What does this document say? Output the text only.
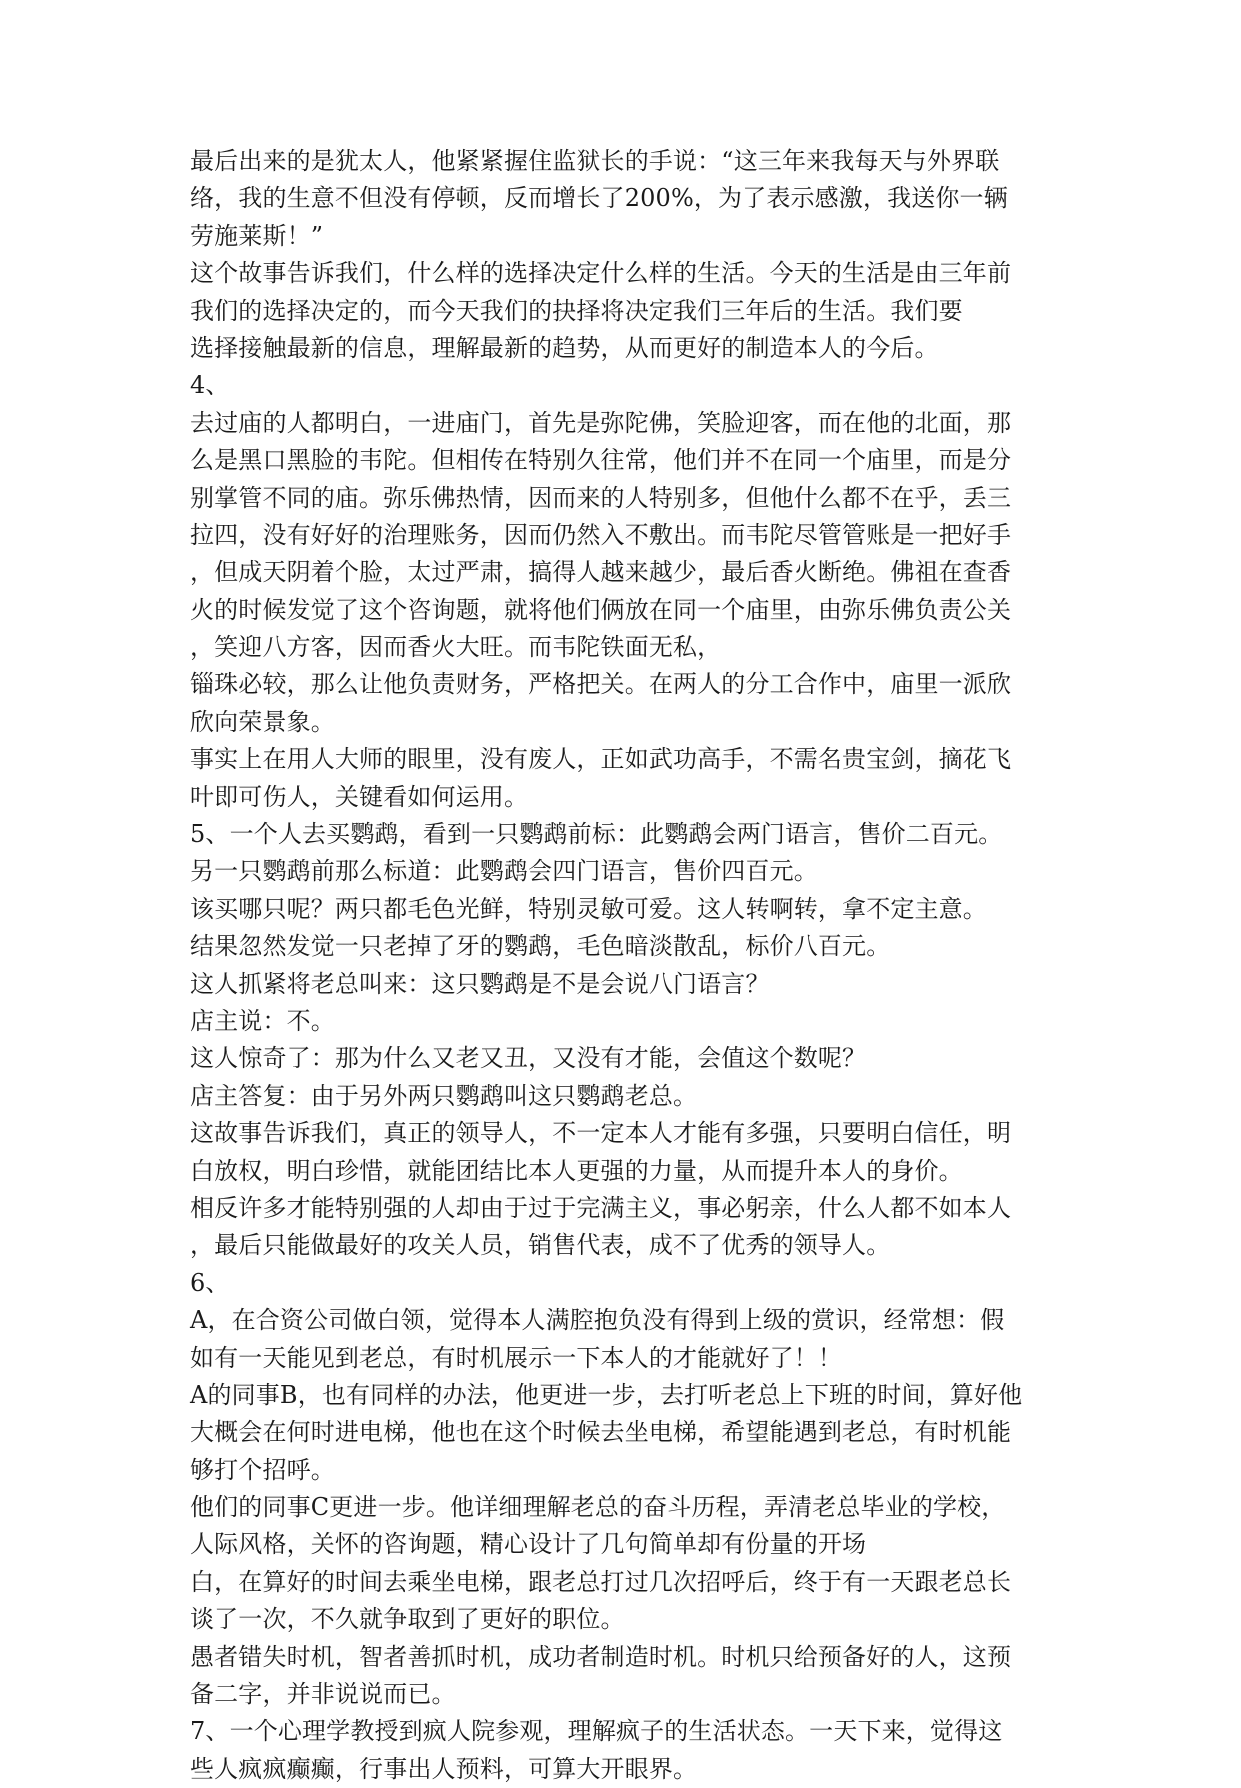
最后出来的是犹太人，他紧紧握住监狱长的手说：“这三年来我每天与外界联
络，我的生意不但没有停顿，反而增长了200%，为了表示感激，我送你一辆
劳施莱斯！”
这个故事告诉我们，什么样的选择决定什么样的生活。今天的生活是由三年前
我们的选择决定的，而今天我们的抉择将决定我们三年后的生活。我们要
选择接触最新的信息，理解最新的趋势，从而更好的制造本人的今后。
4、
去过庙的人都明白，一进庙门，首先是弥陀佛，笑脸迎客，而在他的北面，那
么是黑口黑脸的韦陀。但相传在特别久往常，他们并不在同一个庙里，而是分
别掌管不同的庙。弥乐佛热情，因而来的人特别多，但他什么都不在乎，丢三
拉四，没有好好的治理账务，因而仍然入不敷出。而韦陀尽管管账是一把好手
，但成天阴着个脸，太过严肃，搞得人越来越少，最后香火断绝。佛祖在查香
火的时候发觉了这个咨询题，就将他们俩放在同一个庙里，由弥乐佛负责公关
，笑迎八方客，因而香火大旺。而韦陀铁面无私，
锱珠必较，那么让他负责财务，严格把关。在两人的分工合作中，庙里一派欣
欣向荣景象。
事实上在用人大师的眼里，没有废人，正如武功高手，不需名贵宝剑，摘花飞
叶即可伤人，关键看如何运用。
5、一个人去买鹦鹉，看到一只鹦鹉前标：此鹦鹉会两门语言，售价二百元。
另一只鹦鹉前那么标道：此鹦鹉会四门语言，售价四百元。
该买哪只呢？两只都毛色光鲜，特别灵敏可爱。这人转啊转，拿不定主意。
结果忽然发觉一只老掉了牙的鹦鹉，毛色暗淡散乱，标价八百元。
这人抓紧将老总叫来：这只鹦鹉是不是会说八门语言？
店主说：不。
这人惊奇了：那为什么又老又丑，又没有才能，会值这个数呢？
店主答复：由于另外两只鹦鹉叫这只鹦鹉老总。
这故事告诉我们，真正的领导人，不一定本人才能有多强，只要明白信任，明
白放权，明白珍惜，就能团结比本人更强的力量，从而提升本人的身价。
相反许多才能特别强的人却由于过于完满主义，事必躬亲，什么人都不如本人
，最后只能做最好的攻关人员，销售代表，成不了优秀的领导人。
6、
A，在合资公司做白领，觉得本人满腔抱负没有得到上级的赏识，经常想：假
如有一天能见到老总，有时机展示一下本人的才能就好了！！
A的同事B，也有同样的办法，他更进一步，去打听老总上下班的时间，算好他
大概会在何时进电梯，他也在这个时候去坐电梯，希望能遇到老总，有时机能
够打个招呼。
他们的同事C更进一步。他详细理解老总的奋斗历程，弄清老总毕业的学校，
人际风格，关怀的咨询题，精心设计了几句简单却有份量的开场
白，在算好的时间去乘坐电梯，跟老总打过几次招呼后，终于有一天跟老总长
谈了一次，不久就争取到了更好的职位。
愚者错失时机，智者善抓时机，成功者制造时机。时机只给预备好的人，这预
备二字，并非说说而已。
7、一个心理学教授到疯人院参观，理解疯子的生活状态。一天下来，觉得这
些人疯疯癫癫，行事出人预料，可算大开眼界。
